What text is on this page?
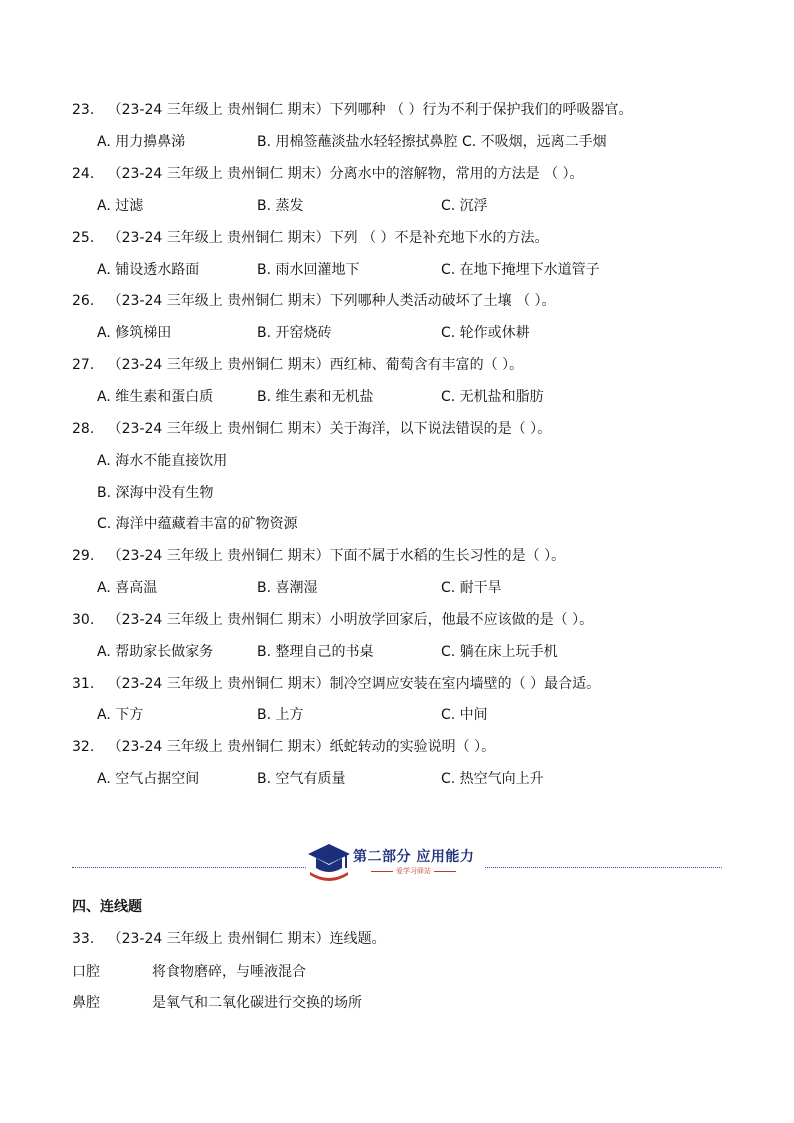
23. （23-24 三年级上 贵州铜仁 期末）下列哪种 （ ）行为不利于保护我们的呼吸器官。
A. 用力擤鼻涕	B. 用棉签蘸淡盐水轻轻擦拭鼻腔 C. 不吸烟，远离二手烟
24. （23-24 三年级上 贵州铜仁 期末）分离水中的溶解物，常用的方法是 （ ）。
A. 过滤	B. 蒸发	C. 沉浮
25. （23-24 三年级上 贵州铜仁 期末）下列 （ ）不是补充地下水的方法。
A. 铺设透水路面	B. 雨水回灌地下	C. 在地下掩埋下水道管子
26. （23-24 三年级上 贵州铜仁 期末）下列哪种人类活动破坏了土壤 （ ）。
A. 修筑梯田	B. 开窑烧砖	C. 轮作或休耕
27. （23-24 三年级上 贵州铜仁 期末）西红柿、葡萄含有丰富的（ ）。
A. 维生素和蛋白质	B. 维生素和无机盐	C. 无机盐和脂肪
28. （23-24 三年级上 贵州铜仁 期末）关于海洋，以下说法错误的是（ ）。
A. 海水不能直接饮用
B. 深海中没有生物
C. 海洋中蕴藏着丰富的矿物资源
29. （23-24 三年级上 贵州铜仁 期末）下面不属于水稻的生长习性的是（ ）。
A. 喜高温	B. 喜潮湿	C. 耐干旱
30. （23-24 三年级上 贵州铜仁 期末）小明放学回家后，他最不应该做的是（ ）。
A. 帮助家长做家务	B. 整理自己的书桌	C. 躺在床上玩手机
31. （23-24 三年级上 贵州铜仁 期末）制冷空调应安装在室内墙壁的（ ）最合适。
A. 下方	B. 上方	C. 中间
32. （23-24 三年级上 贵州铜仁 期末）纸蛇转动的实验说明（ ）。
A. 空气占据空间	B. 空气有质量	C. 热空气向上升
第二部分 应用能力
爱学习驿站
四、连线题
33. （23-24 三年级上 贵州铜仁 期末）连线题。
口腔	将食物磨碎，与唾液混合
鼻腔	是氧气和二氧化碳进行交换的场所
